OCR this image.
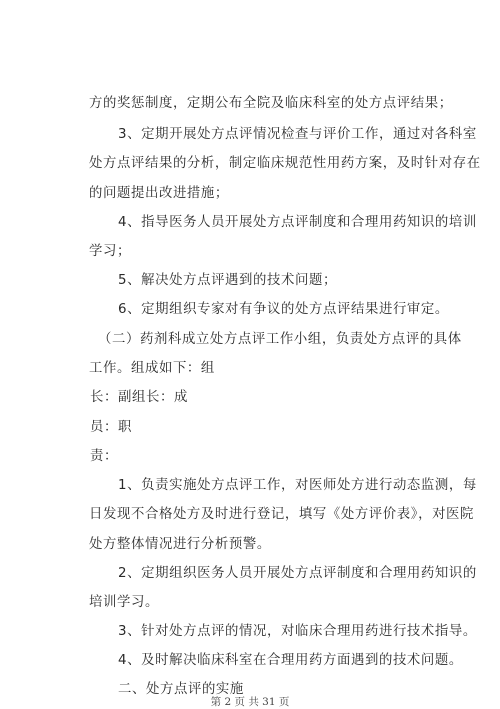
方的奖惩制度，定期公布全院及临床科室的处方点评结果；
3、定期开展处方点评情况检查与评价工作，通过对各科室
处方点评结果的分析，制定临床规范性用药方案，及时针对存在
的问题提出改进措施；
4、指导医务人员开展处方点评制度和合理用药知识的培训
学习；
5、解决处方点评遇到的技术问题；
6、定期组织专家对有争议的处方点评结果进行审定。
（二）药剂科成立处方点评工作小组，负责处方点评的具体
工作。组成如下：组
长：副组长：成
员：职
责：
1、负责实施处方点评工作，对医师处方进行动态监测，每
日发现不合格处方及时进行登记，填写《处方评价表》，对医院
处方整体情况进行分析预警。
2、定期组织医务人员开展处方点评制度和合理用药知识的
培训学习。
3、针对处方点评的情况，对临床合理用药进行技术指导。
4、及时解决临床科室在合理用药方面遇到的技术问题。
二、处方点评的实施
第 2 页 共 31 页
